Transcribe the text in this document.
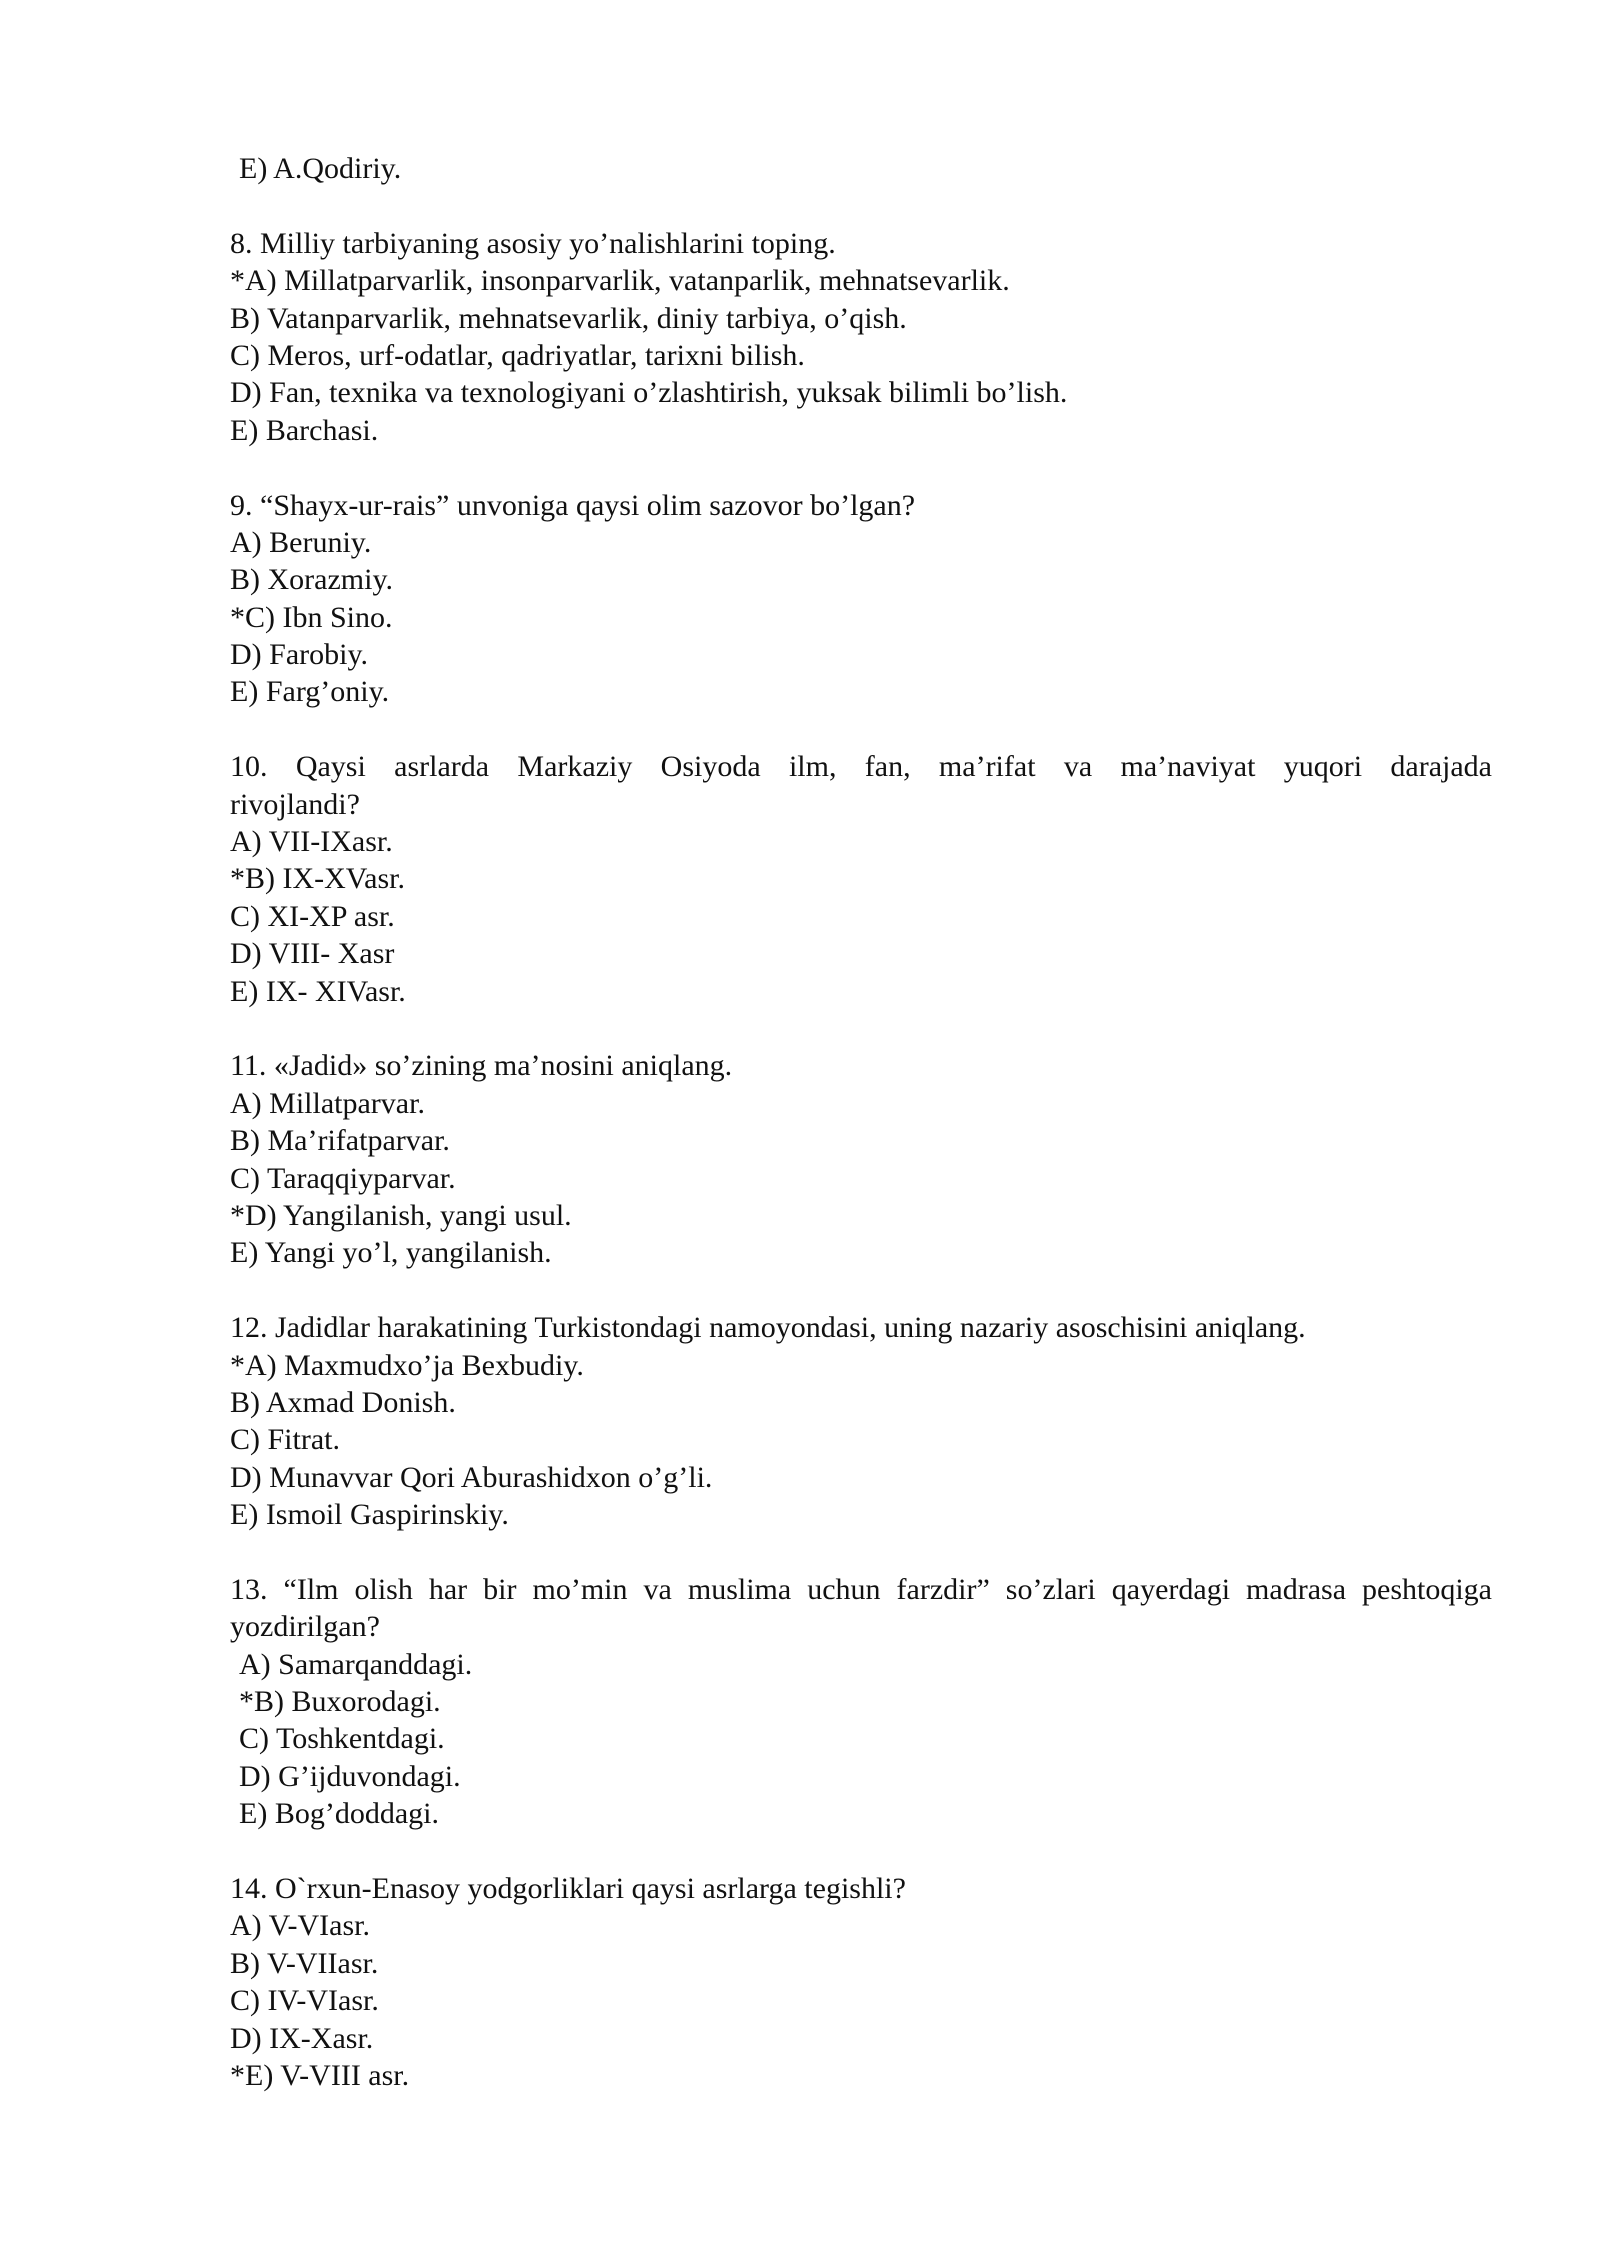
E) A.Qodiriy.
8. Milliy tarbiyaning asosiy yo’nalishlarini toping.
*A) Millatparvarlik, insonparvarlik, vatanparlik, mehnatsevarlik.
B) Vatanparvarlik, mehnatsevarlik, diniy tarbiya, o’qish.
C) Meros, urf-odatlar, qadriyatlar, tarixni bilish.
D) Fan, texnika va texnologiyani o’zlashtirish, yuksak bilimli bo’lish.
E) Barchasi.
9. “Shayx-ur-rais” unvoniga qaysi olim sazovor bo’lgan?
A) Beruniy.
B) Xorazmiy.
*C) Ibn Sino.
D) Farobiy.
E) Farg’oniy.
10. Qaysi asrlarda Markaziy Osiyoda ilm, fan, ma’rifat va ma’naviyat yuqori darajada
rivojlandi?
A) VII-IXasr.
*B) IX-XVasr.
C) XI-XP asr.
D) VIII- Xasr
E) IX- XIVasr.
11. «Jadid» so’zining ma’nosini aniqlang.
A) Millatparvar.
B) Ma’rifatparvar.
C) Taraqqiyparvar.
*D) Yangilanish, yangi usul.
E) Yangi yo’l, yangilanish.
12. Jadidlar harakatining Turkistondagi namoyondasi, uning nazariy asoschisini aniqlang.
*A) Maxmudxo’ja Bexbudiy.
B) Axmad Donish.
C) Fitrat.
D) Munavvar Qori Aburashidxon o’g’li.
E) Ismoil Gaspirinskiy.
13. “Ilm olish har bir mo’min va muslima uchun farzdir” so’zlari qayerdagi madrasa peshtoqiga
yozdirilgan?
A) Samarqanddagi.
*B) Buxorodagi.
C) Toshkentdagi.
D) G’ijduvondagi.
E) Bog’doddagi.
14. O`rxun-Enasoy yodgorliklari qaysi asrlarga tegishli?
A) V-VIasr.
B) V-VIIasr.
C) IV-VIasr.
D) IX-Xasr.
*E) V-VIII asr.
